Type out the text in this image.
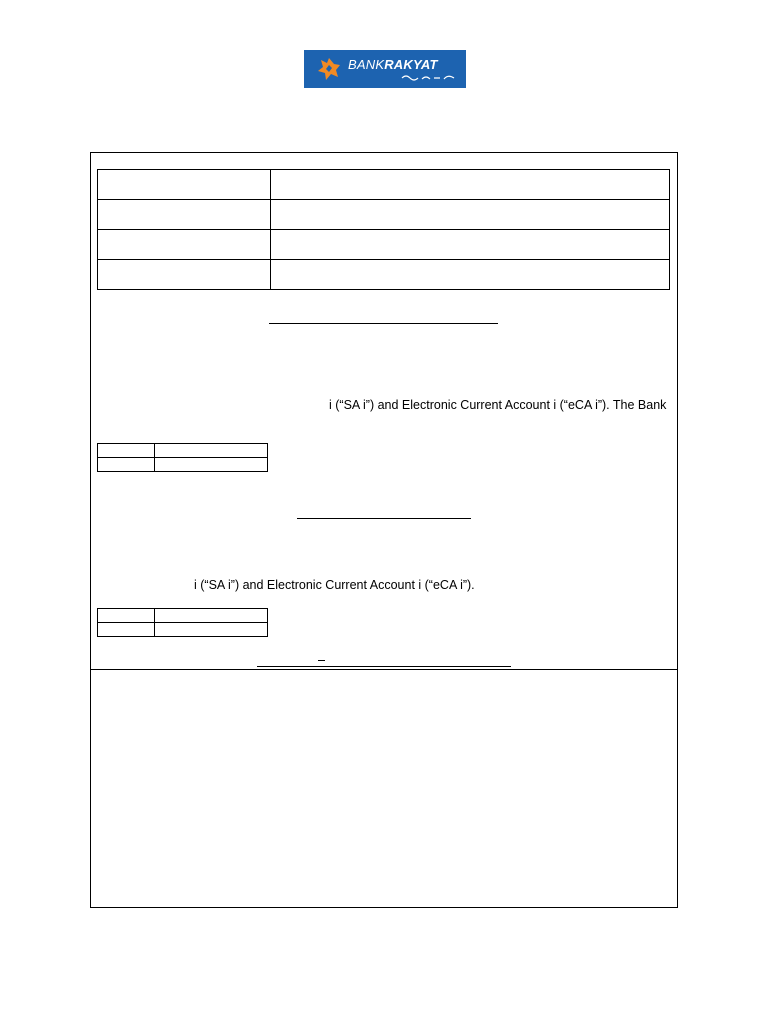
BANKRAKYAT

i (“SA i”) and Electronic Current Account i (“eCA i”). The Bank

i (“SA i”) and Electronic Current Account i (“eCA i”).
